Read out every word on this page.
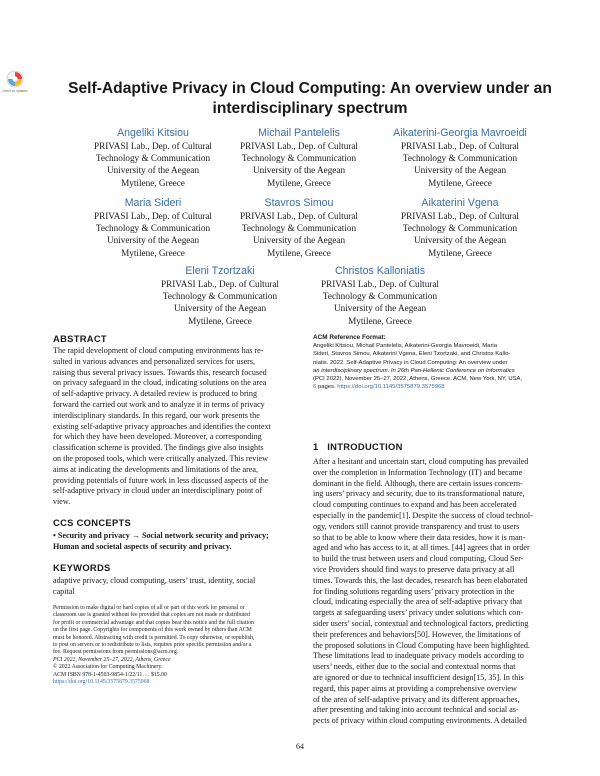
check for updates	Self-Adaptive Privacy in Cloud Computing: An overview under an
interdisciplinary spectrum
Angeliki Kitsiou
PRIVASI Lab., Dep. of Cultural
Technology & Communication
University of the Aegean
Mytilene, Greece
Michail Pantelelis
PRIVASI Lab., Dep. of Cultural
Technology & Communication
University of the Aegean
Mytilene, Greece
Aikaterini-Georgia Mavroeidi
PRIVASI Lab., Dep. of Cultural
Technology & Communication
University of the Aegean
Mytilene, Greece
Maria Sideri
PRIVASI Lab., Dep. of Cultural
Technology & Communication
University of the Aegean
Mytilene, Greece
Stavros Simou
PRIVASI Lab., Dep. of Cultural
Technology & Communication
University of the Aegean
Mytilene, Greece
Aikaterini Vgena
PRIVASI Lab., Dep. of Cultural
Technology & Communication
University of the Aegean
Mytilene, Greece
Eleni Tzortzaki
PRIVASI Lab., Dep. of Cultural
Technology & Communication
University of the Aegean
Mytilene, Greece
Christos Kalloniatis
PRIVASI Lab., Dep. of Cultural
Technology & Communication
University of the Aegean
Mytilene, Greece
ABSTRACT
The rapid development of cloud computing environments has re-
sulted in various advances and personalized services for users,
raising thus several privacy issues. Towards this, research focused
on privacy safeguard in the cloud, indicating solutions on the area
of self-adaptive privacy. A detailed review is produced to bring
forward the carried out work and to analyze it in terms of privacy
interdisciplinary standards. In this regard, our work presents the
existing self-adaptive privacy approaches and identifies the context
for which they have been developed. Moreover, a corresponding
classification scheme is provided. The findings give also insights
on the proposed tools, which were critically analyzed. This review
aims at indicating the developments and limitations of the area,
providing potentials of future work in less discussed aspects of the
self-adaptive privacy in cloud under an interdisciplinary point of
view.
CCS CONCEPTS
• Security and privacy → Social network security and privacy;
Human and societal aspects of security and privacy.
KEYWORDS
adaptive privacy, cloud computing, users’ trust, identity, social
capital
Permission to make digital or hard copies of all or part of this work for personal or
classroom use is granted without fee provided that copies are not made or distributed
for profit or commercial advantage and that copies bear this notice and the full citation
on the first page. Copyrights for components of this work owned by others than ACM
must be honored. Abstracting with credit is permitted. To copy otherwise, or republish,
to post on servers or to redistribute to lists, requires prior specific permission and/or a
fee. Request permissions from permissions@acm.org.
PCI 2022, November 25–27, 2022, Athens, Greece
© 2022 Association for Computing Machinery.
ACM ISBN 978-1-4503-9854-1/22/11. . . $15.00
https://doi.org/10.1145/3575879.3575968
ACM Reference Format:
Angeliki Kitsiou, Michail Pantelelis, Aikaterini-Georgia Mavroeidi, Maria
Sideri, Stavros Simou, Aikaterini Vgena, Eleni Tzortzaki, and Christos Kallo-
niatis. 2022. Self-Adaptive Privacy in Cloud Computing: An overview under
an interdisciplinary spectrum. In 26th Pan-Hellenic Conference on Informatics
(PCI 2022), November 25–27, 2022, Athens, Greece. ACM, New York, NY, USA,
6 pages. https://doi.org/10.1145/3575879.3575968
1 INTRODUCTION
After a hesitant and uncertain start, cloud computing has prevailed
over the completion in Information Technology (IT) and became
dominant in the field. Although, there are certain issues concern-
ing users’ privacy and security, due to its transformational nature,
cloud computing continues to expand and has been accelerated
especially in the pandemic[1]. Despite the success of cloud technol-
ogy, vendors still cannot provide transparency and trust to users
so that to be able to know where their data resides, how it is man-
aged and who has access to it, at all times. [44] agrees that in order
to build the trust between users and cloud computing, Cloud Ser-
vice Providers should find ways to preserve data privacy at all
times. Towards this, the last decades, research has been elaborated
for finding solutions regarding users’ privacy protection in the
cloud, indicating especially the area of self-adaptive privacy that
targets at safeguarding users’ privacy under solutions which con-
sider users’ social, contextual and technological factors, predicting
their preferences and behaviors[50]. However, the limitations of
the proposed solutions in Cloud Computing have been highlighted.
These limitations lead to inadequate privacy models according to
users’ needs, either due to the social and contextual norms that
are ignored or due to technical insufficient design[15, 35]. In this
regard, this paper aims at providing a comprehensive overview
of the area of self-adaptive privacy and its different approaches,
after presenting and taking into account technical and social as-
pects of privacy within cloud computing environments. A detailed
64
